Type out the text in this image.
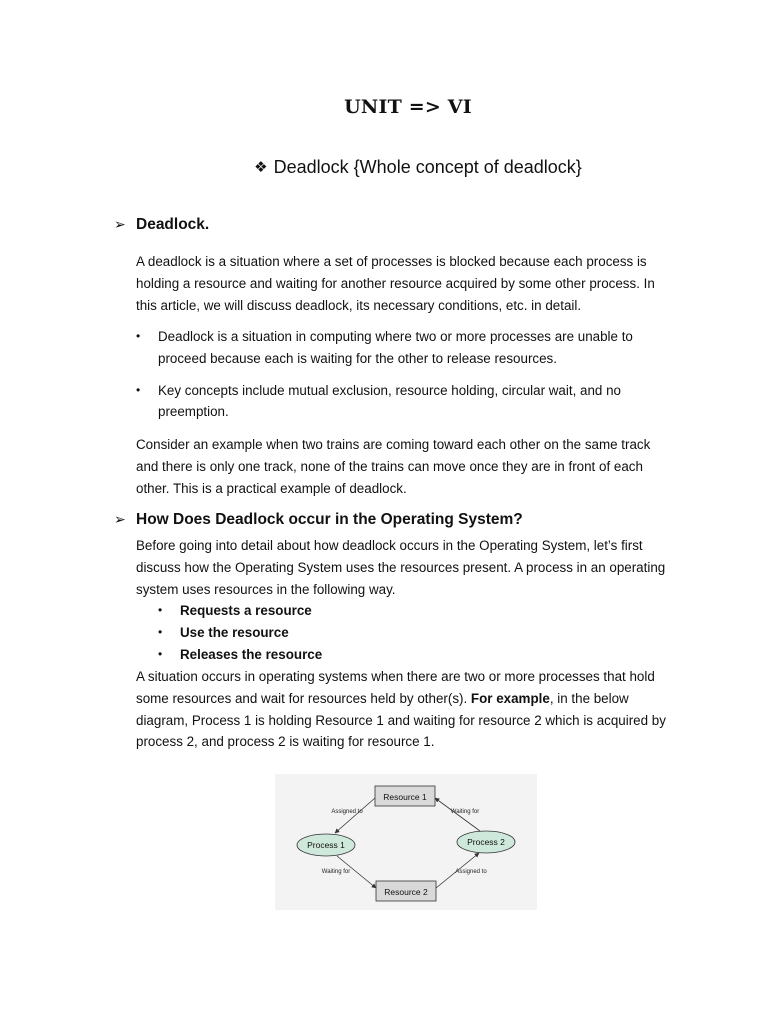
UNIT => VI
❖ Deadlock {Whole concept of deadlock}
➢ Deadlock.

A deadlock is a situation where a set of processes is blocked because each process is holding a resource and waiting for another resource acquired by some other process. In this article, we will discuss deadlock, its necessary conditions, etc. in detail.

• Deadlock is a situation in computing where two or more processes are unable to proceed because each is waiting for the other to release resources.
• Key concepts include mutual exclusion, resource holding, circular wait, and no preemption.

Consider an example when two trains are coming toward each other on the same track and there is only one track, none of the trains can move once they are in front of each other. This is a practical example of deadlock.

➢ How Does Deadlock occur in the Operating System?

Before going into detail about how deadlock occurs in the Operating System, let’s first discuss how the Operating System uses the resources present. A process in an operating system uses resources in the following way.

• Requests a resource
• Use the resource
• Releases the resource

A situation occurs in operating systems when there are two or more processes that hold some resources and wait for resources held by other(s). For example, in the below diagram, Process 1 is holding Resource 1 and waiting for resource 2 which is acquired by process 2, and process 2 is waiting for resource 1.

Resource 1
Resource 2
Process 1	Process 2
Assigned to	Waiting for
Waiting for	Assigned to
